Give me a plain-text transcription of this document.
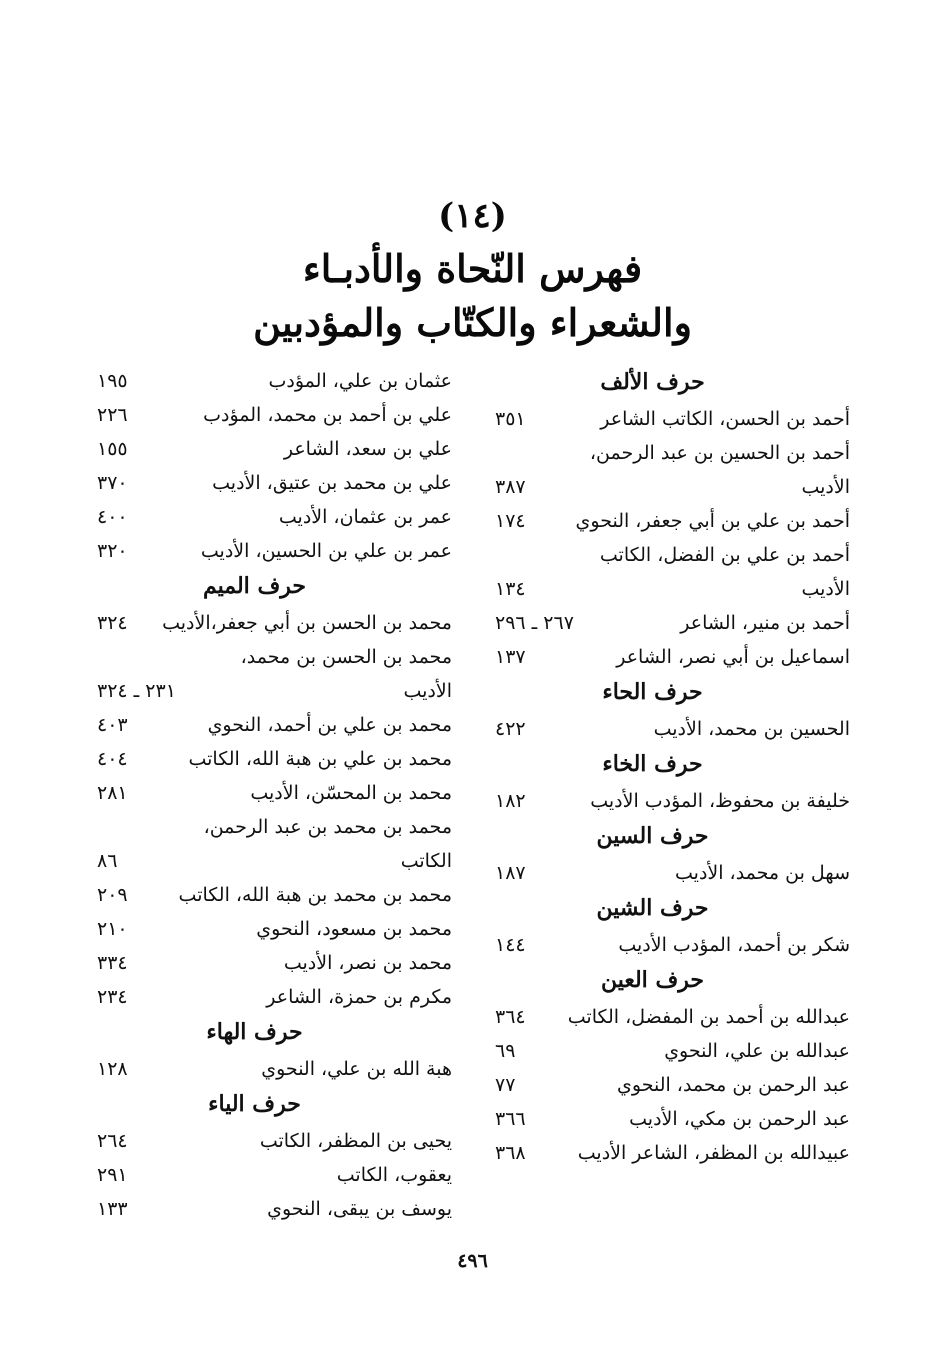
(١٤)
فهرس النّحاة والأدبـاء
والشعراء والكتّاب والمؤدبين
حرف الألف
أحمد بن الحسن، الكاتب الشاعر
٣٥١
أحمد بن الحسين بن عبد الرحمن،
الأديب
٣٨٧
أحمد بن علي بن أبي جعفر، النحوي
١٧٤
أحمد بن علي بن الفضل، الكاتب
الأديب
١٣٤
أحمد بن منير، الشاعر
٢٦٧ ـ ٢٩٦
اسماعيل بن أبي نصر، الشاعر
١٣٧
حرف الحاء
الحسين بن محمد، الأديب
٤٢٢
حرف الخاء
خليفة بن محفوظ، المؤدب الأديب
١٨٢
حرف السين
سهل بن محمد، الأديب
١٨٧
حرف الشين
شكر بن أحمد، المؤدب الأديب
١٤٤
حرف العين
عبدالله بن أحمد بن المفضل، الكاتب
٣٦٤
عبدالله بن علي، النحوي
٦٩
عبد الرحمن بن محمد، النحوي
٧٧
عبد الرحمن بن مكي، الأديب
٣٦٦
عبيدالله بن المظفر، الشاعر الأديب
٣٦٨
عثمان بن علي، المؤدب
١٩٥
علي بن أحمد بن محمد، المؤدب
٢٢٦
علي بن سعد، الشاعر
١٥٥
علي بن محمد بن عتيق، الأديب
٣٧٠
عمر بن عثمان، الأديب
٤٠٠
عمر بن علي بن الحسين، الأديب
٣٢٠
حرف الميم
محمد بن الحسن بن أبي جعفر،الأديب
٣٢٤
محمد بن الحسن بن محمد،
الأديب
٢٣١ ـ ٣٢٤
محمد بن علي بن أحمد، النحوي
٤٠٣
محمد بن علي بن هبة الله، الكاتب
٤٠٤
محمد بن المحسّن، الأديب
٢٨١
محمد بن محمد بن عبد الرحمن،
الكاتب
٨٦
محمد بن محمد بن هبة الله، الكاتب
٢٠٩
محمد بن مسعود، النحوي
٢١٠
محمد بن نصر، الأديب
٣٣٤
مكرم بن حمزة، الشاعر
٢٣٤
حرف الهاء
هبة الله بن علي، النحوي
١٢٨
حرف الياء
يحيى بن المظفر، الكاتب
٢٦٤
يعقوب، الكاتب
٢٩١
يوسف بن يبقى، النحوي
١٣٣
٤٩٦
